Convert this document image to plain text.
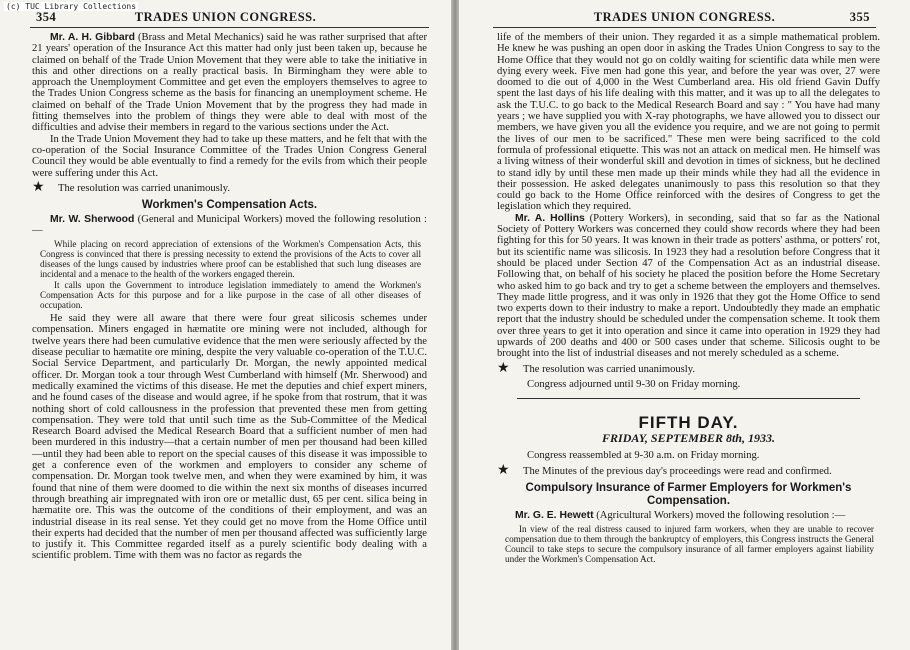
(c) TUC Library Collections
354	TRADES UNION CONGRESS.

Mr. A. H. Gibbard (Brass and Metal Mechanics) said he was rather surprised that after 21 years' operation of the Insurance Act this matter had only just been taken up, because he claimed on behalf of the Trade Union Movement that they were able to take the initiative in this and other directions on a really practical basis. In Birmingham they were able to approach the Unemployment Committee and get even the employers themselves to agree to the Trades Union Congress scheme as the basis for financing an unemployment scheme. He claimed on behalf of the Trade Union Movement that by the progress they had made in fitting themselves into the problem of things they were able to deal with most of the difficulties and advise their members in regard to the various sections under the Act.

In the Trade Union Movement they had to take up these matters, and he felt that with the co-operation of the Social Insurance Committee of the Trades Union Congress General Council they would be able eventually to find a remedy for the evils from which their people were suffering under this Act.

★ The resolution was carried unanimously.

Workmen's Compensation Acts.

Mr. W. Sherwood (General and Municipal Workers) moved the following resolution :—

While placing on record appreciation of extensions of the Workmen's Compensation Acts, this Congress is convinced that there is pressing necessity to extend the provisions of the Acts to cover all diseases of the lungs caused by industries where proof can be established that such lung diseases are incidental and a menace to the health of the workers engaged therein.

It calls upon the Government to introduce legislation immediately to amend the Workmen's Compensation Acts for this purpose and for a like purpose in the case of all other diseases of occupation.

He said they were all aware that there were four great silicosis schemes under compensation. Miners engaged in hæmatite ore mining were not included, although for twelve years there had been cumulative evidence that the men were seriously affected by the disease peculiar to hæmatite ore mining, despite the very valuable co-operation of the T.U.C. Social Service Department, and particularly Dr. Morgan, the newly appointed medical officer. Dr. Morgan took a tour through West Cumberland with himself (Mr. Sherwood) and medically examined the victims of this disease. He met the deputies and chief expert miners, and he found cases of the disease and would agree, if he spoke from that rostrum, that it was nothing short of cold callousness in the profession that prevented these men from getting compensation. They were told that until such time as the Sub-Committee of the Medical Research Board advised the Medical Research Board that a sufficient number of men had been murdered in this industry—that a certain number of men per thousand had been killed—until they had been able to report on the special causes of this disease it was impossible to get a conference even of the workmen and employers to consider any scheme of compensation. Dr. Morgan took twelve men, and when they were examined by him, it was found that nine of them were doomed to die within the next six months of diseases incurred through breathing air impregnated with iron ore or metallic dust, 65 per cent. silica being in hæmatite ore. This was the outcome of the conditions of their employment, and was an industrial disease in its real sense. Yet they could get no move from the Home Office until their experts had decided that the number of men per thousand affected was sufficiently large to justify it. This Committee regarded itself as a purely scientific body dealing with a scientific problem. Time with them was no factor as regards the

TRADES UNION CONGRESS.	355

life of the members of their union. They regarded it as a simple mathematical problem. He knew he was pushing an open door in asking the Trades Union Congress to say to the Home Office that they would not go on coldly waiting for scientific data while men were dying every week. Five men had gone this year, and before the year was over, 27 were doomed to die out of 4,000 in the West Cumberland area. His old friend Gavin Duffy spent the last days of his life dealing with this matter, and it was up to all the delegates to ask the T.U.C. to go back to the Medical Research Board and say : " You have had many years ; we have supplied you with X-ray photographs, we have allowed you to dissect our members, we have given you all the evidence you require, and we are not going to permit the lives of our men to be sacrificed." These men were being sacrificed to the cold formula of professional etiquette. This was not an attack on medical men. He himself was a living witness of their wonderful skill and devotion in times of sickness, but he declined to stand idly by until these men made up their minds while they had all the evidence in their possession. He asked delegates unanimously to pass this resolution so that they could go back to the Home Office reinforced with the desires of Congress to get the legislation which they required.

Mr. A. Hollins (Pottery Workers), in seconding, said that so far as the National Society of Pottery Workers was concerned they could show records where they had been fighting for this for 50 years. It was known in their trade as potters' asthma, or potters' rot, but its scientific name was silicosis. In 1923 they had a resolution before Congress that it should be placed under Section 47 of the Compensation Act as an industrial disease. Following that, on behalf of his society he placed the position before the Home Secretary who asked him to go back and try to get a scheme between the employers and themselves. They made little progress, and it was only in 1926 that they got the Home Office to send two experts down to their industry to make a report. Undoubtedly they made an emphatic report that the industry should be scheduled under the compensation scheme. It took them over three years to get it into operation and since it came into operation in 1929 they had upwards of 200 deaths and 400 or 500 cases under that scheme. Silicosis ought to be brought into the list of industrial diseases and not merely scheduled as a scheme.

★ The resolution was carried unanimously.

Congress adjourned until 9-30 on Friday morning.

FIFTH DAY.
FRIDAY, SEPTEMBER 8th, 1933.

Congress reassembled at 9-30 a.m. on Friday morning.

★ The Minutes of the previous day's proceedings were read and confirmed.

Compulsory Insurance of Farmer Employers for Workmen's Compensation.

Mr. G. E. Hewett (Agricultural Workers) moved the following resolution :—

In view of the real distress caused to injured farm workers, when they are unable to recover compensation due to them through the bankruptcy of employers, this Congress instructs the General Council to take steps to secure the compulsory insurance of all farmer employers against liability under the Workmen's Compensation Act.
